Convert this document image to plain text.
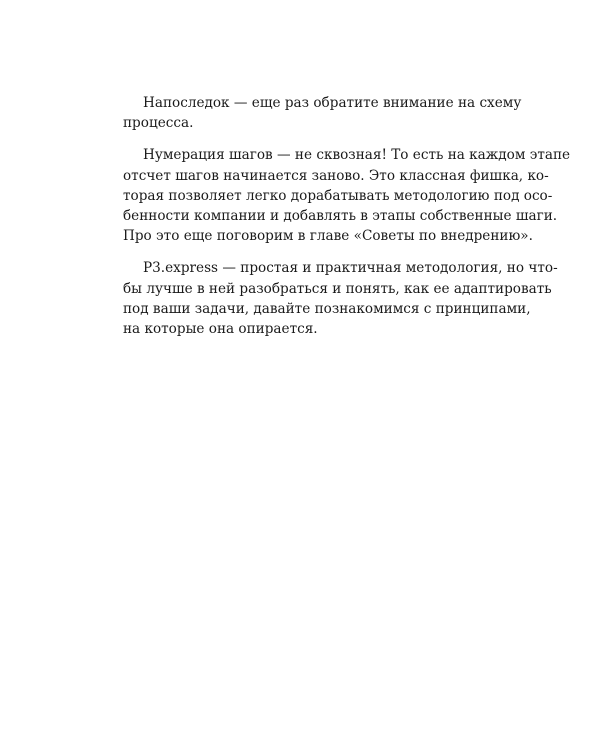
Напоследок — еще раз обратите внимание на схему
процесса.
Нумерация шагов — не сквозная! То есть на каждом этапе
отсчет шагов начинается заново. Это классная фишка, ко-
торая позволяет легко дорабатывать методологию под осо-
бенности компании и добавлять в этапы собственные шаги.
Про это еще поговорим в главе «Советы по внедрению».
P3.express — простая и практичная методология, но что-
бы лучше в ней разобраться и понять, как ее адаптировать
под ваши задачи, давайте познакомимся с принципами,
на которые она опирается.
